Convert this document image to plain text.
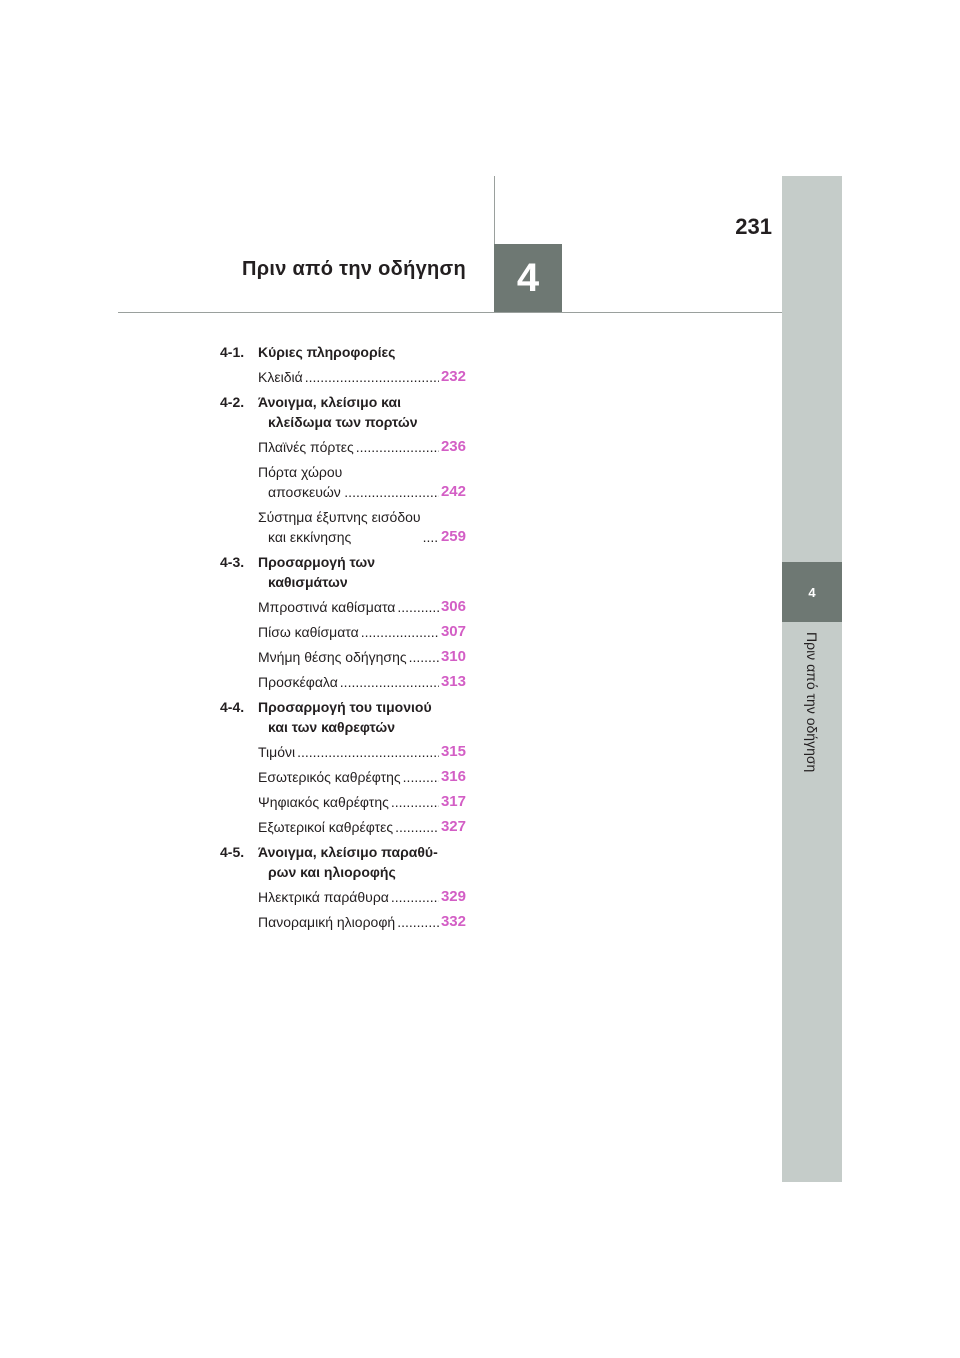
4
Πριν από την οδήγηση
4
231
Πριν από την οδήγηση
4-1. Κύριες πληροφορίες
Κλειδιά .....	232
4-2. Άνοιγμα, κλείσιμο και
κλείδωμα των πορτών
Πλαϊνές πόρτες .....	236
Πόρτα χώρου
αποσκευών .....	242
Σύστημα έξυπνης εισόδου
και εκκίνησης .....	259
4-3. Προσαρμογή των
καθισμάτων
Μπροστινά καθίσματα .....	306
Πίσω καθίσματα .....	307
Μνήμη θέσης οδήγησης ..... 310
Προσκέφαλα .....	313
4-4. Προσαρμογή του τιμονιού
και των καθρεφτών
Τιμόνι .....	315
Εσωτερικός καθρέφτης .....	316
Ψηφιακός καθρέφτης .....	317
Εξωτερικοί καθρέφτες .....	327
4-5. Άνοιγμα, κλείσιμο παραθύ-
ρων και ηλιοροφής
Ηλεκτρικά παράθυρα .....	329
Πανοραμική ηλιοροφή .....	332
